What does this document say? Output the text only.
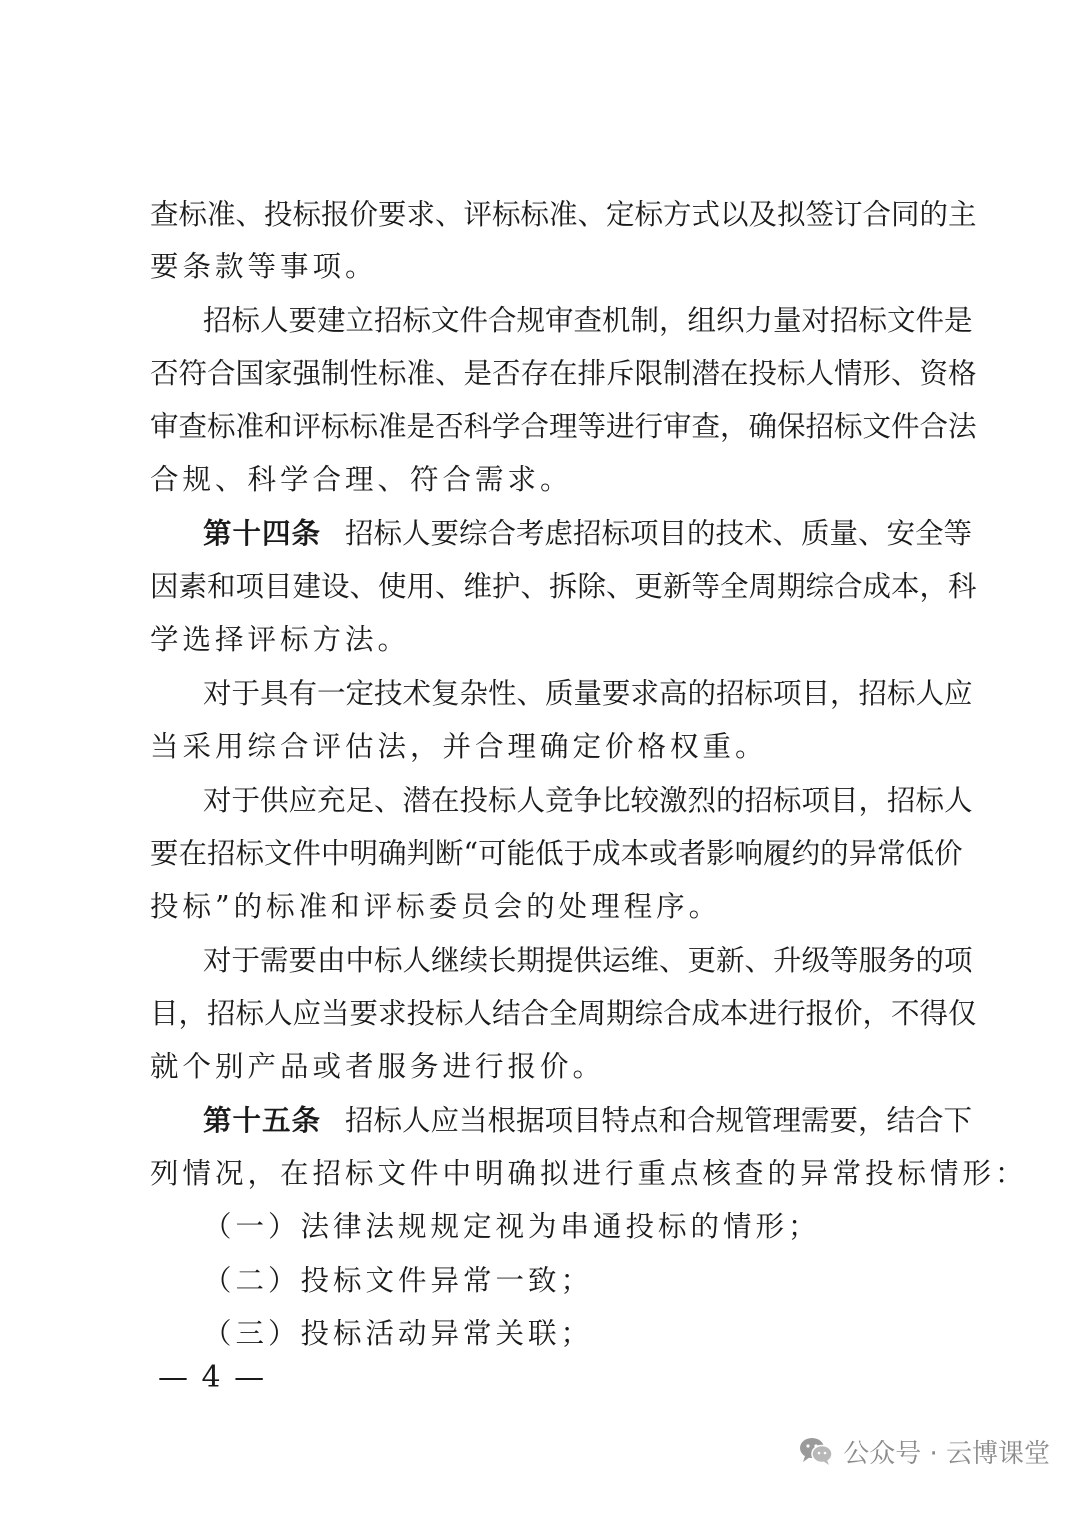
查标准、投标报价要求、评标标准、定标方式以及拟签订合同的主
要条款等事项。
招标人要建立招标文件合规审查机制，组织力量对招标文件是
否符合国家强制性标准、是否存在排斥限制潜在投标人情形、资格
审查标准和评标标准是否科学合理等进行审查，确保招标文件合法
合规、科学合理、符合需求。
第十四条 招标人要综合考虑招标项目的技术、质量、安全等
因素和项目建设、使用、维护、拆除、更新等全周期综合成本，科
学选择评标方法。
对于具有一定技术复杂性、质量要求高的招标项目，招标人应
当采用综合评估法，并合理确定价格权重。
对于供应充足、潜在投标人竞争比较激烈的招标项目，招标人
要在招标文件中明确判断“可能低于成本或者影响履约的异常低价
投标”的标准和评标委员会的处理程序。
对于需要由中标人继续长期提供运维、更新、升级等服务的项
目，招标人应当要求投标人结合全周期综合成本进行报价，不得仅
就个别产品或者服务进行报价。
第十五条 招标人应当根据项目特点和合规管理需要，结合下
列情况，在招标文件中明确拟进行重点核查的异常投标情形：
（一）法律法规规定视为串通投标的情形；
（二）投标文件异常一致；
（三）投标活动异常关联；
— 4 —
公众号 · 云博课堂
